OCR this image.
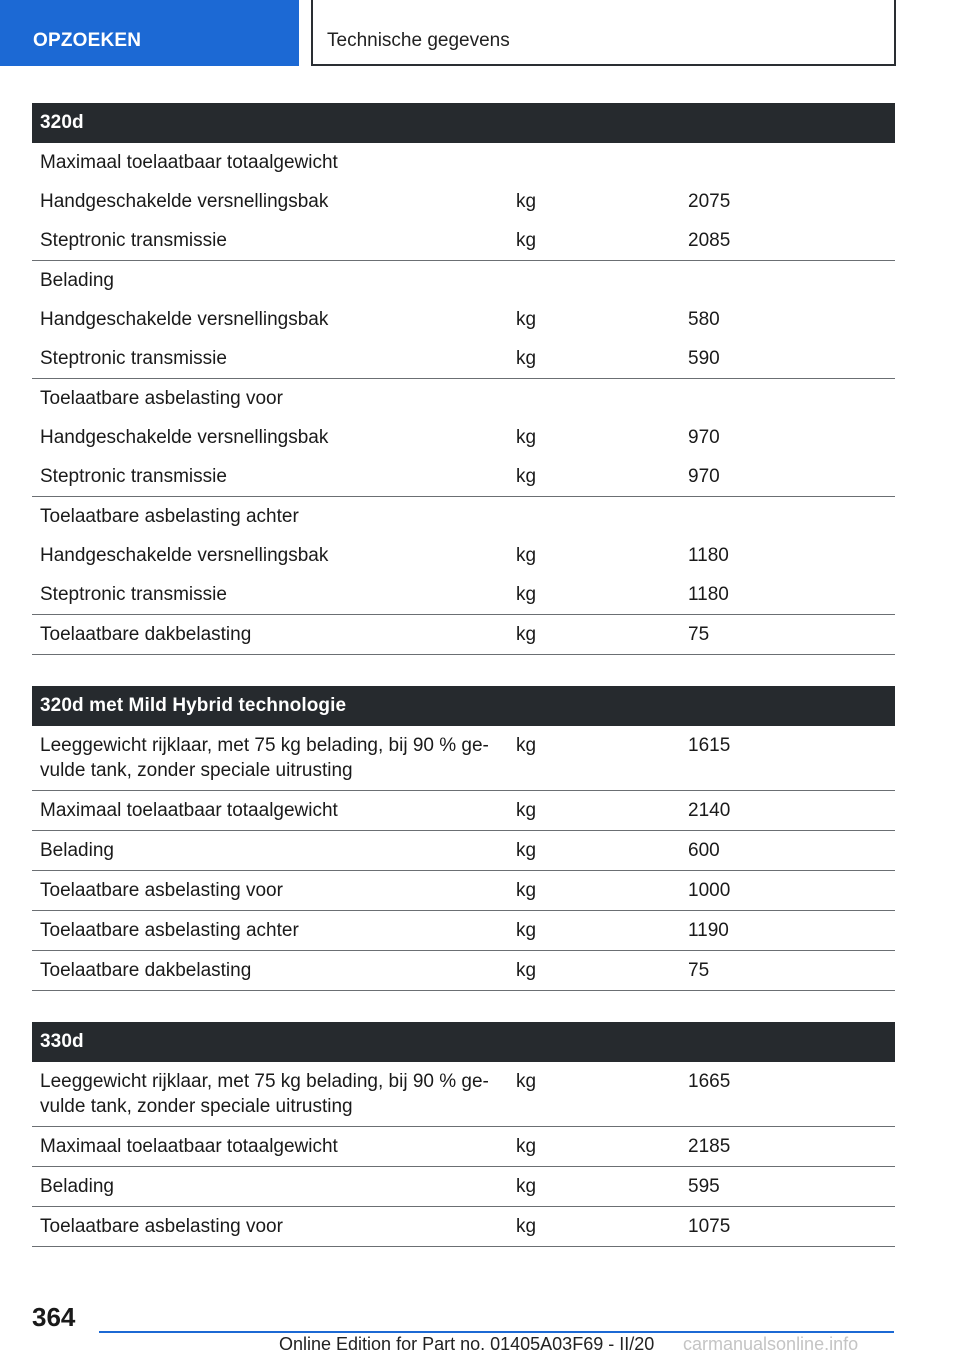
OPZOEKEN	Technische gegevens
320d		
Maximaal toelaatbaar totaalgewicht		
Handgeschakelde versnellingsbak	kg	2075
Steptronic transmissie	kg	2085
Belading		
Handgeschakelde versnellingsbak	kg	580
Steptronic transmissie	kg	590
Toelaatbare asbelasting voor		
Handgeschakelde versnellingsbak	kg	970
Steptronic transmissie	kg	970
Toelaatbare asbelasting achter		
Handgeschakelde versnellingsbak	kg	1180
Steptronic transmissie	kg	1180
Toelaatbare dakbelasting	kg	75
320d met Mild Hybrid technologie		
Leeggewicht rijklaar, met 75 kg belading, bij 90 % ge‐ vulde tank, zonder speciale uitrusting	kg	1615
Maximaal toelaatbaar totaalgewicht	kg	2140
Belading	kg	600
Toelaatbare asbelasting voor	kg	1000
Toelaatbare asbelasting achter	kg	1190
Toelaatbare dakbelasting	kg	75
330d		
Leeggewicht rijklaar, met 75 kg belading, bij 90 % ge‐ vulde tank, zonder speciale uitrusting	kg	1665
Maximaal toelaatbaar totaalgewicht	kg	2185
Belading	kg	595
Toelaatbare asbelasting voor	kg	1075
364
Online Edition for Part no. 01405A03F69 - II/20 carmanualsonline.info
